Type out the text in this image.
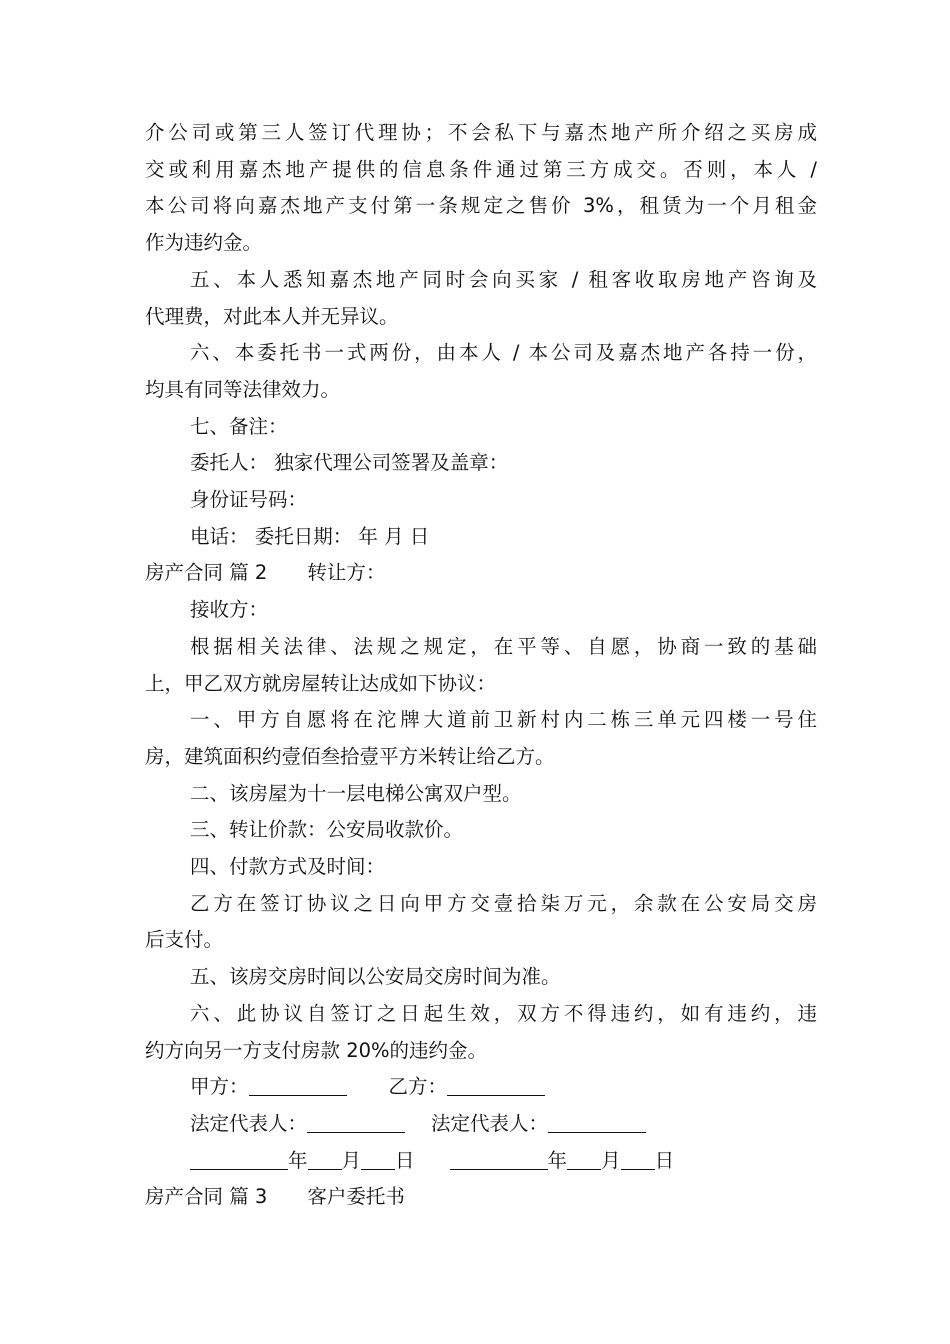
介公司或第三人签订代理协；不会私下与嘉杰地产所介绍之买房成

交或利用嘉杰地产提供的信息条件通过第三方成交。否则，本人 /

本公司将向嘉杰地产支付第一条规定之售价 3%，租赁为一个月租金

作为违约金。

五、本人悉知嘉杰地产同时会向买家 / 租客收取房地产咨询及

代理费，对此本人并无异议。

六、本委托书一式两份，由本人 / 本公司及嘉杰地产各持一份，

均具有同等法律效力。

七、备注：

委托人： 独家代理公司签署及盖章：

身份证号码：

电话： 委托日期： 年 月 日

房产合同 篇 2 转让方：

接收方：

根据相关法律、法规之规定，在平等、自愿，协商一致的基础

上，甲乙双方就房屋转让达成如下协议：

一、甲方自愿将在沱牌大道前卫新村内二栋三单元四楼一号住

房，建筑面积约壹佰叁拾壹平方米转让给乙方。

二、该房屋为十一层电梯公寓双户型。

三、转让价款：公安局收款价。

四、付款方式及时间：

乙方在签订协议之日向甲方交壹拾柒万元，余款在公安局交房

后支付。

五、该房交房时间以公安局交房时间为准。

六、此协议自签订之日起生效，双方不得违约，如有违约，违

约方向另一方支付房款 20%的违约金。

甲方：	乙方：

法定代表人：	法定代表人：

年 月 日	年 月 日

房产合同 篇 3 客户委托书
